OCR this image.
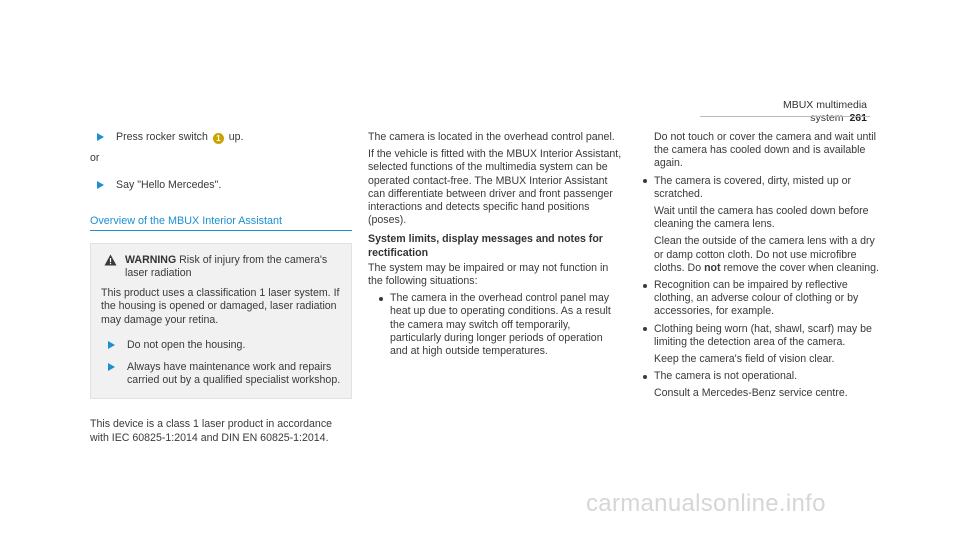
MBUX multimedia system 261
Press rocker switch 1 up.

or

Say "Hello Mercedes".
Overview of the MBUX Interior Assistant
WARNING Risk of injury from the camera's laser radiation

This product uses a classification 1 laser system. If the housing is opened or damaged, laser radiation may damage your retina.

Do not open the housing.
Always have maintenance work and repairs carried out by a qualified specialist workshop.

This device is a class 1 laser product in accordance with IEC 60825-1:2014 and DIN EN 60825-1:2014.

The camera is located in the overhead control panel.

If the vehicle is fitted with the MBUX Interior Assistant, selected functions of the multimedia system can be operated contact-free. The MBUX Interior Assistant can differentiate between driver and front passenger interactions and detects specific hand positions (poses).

System limits, display messages and notes for rectification

The system may be impaired or may not function in the following situations:

The camera in the overhead control panel may heat up due to operating conditions. As a result the camera may switch off temporarily, particularly during longer periods of operation and at high outside temperatures.

Do not touch or cover the camera and wait until the camera has cooled down and is available again.

The camera is covered, dirty, misted up or scratched.

Wait until the camera has cooled down before cleaning the camera lens.

Clean the outside of the camera lens with a dry or damp cotton cloth. Do not use microfibre cloths. Do not remove the cover when cleaning.

Recognition can be impaired by reflective clothing, an adverse colour of clothing or by accessories, for example.
Clothing being worn (hat, shawl, scarf) may be limiting the detection area of the camera.

Keep the camera's field of vision clear.

The camera is not operational.

Consult a Mercedes-Benz service centre.

carmanualsonline.info
